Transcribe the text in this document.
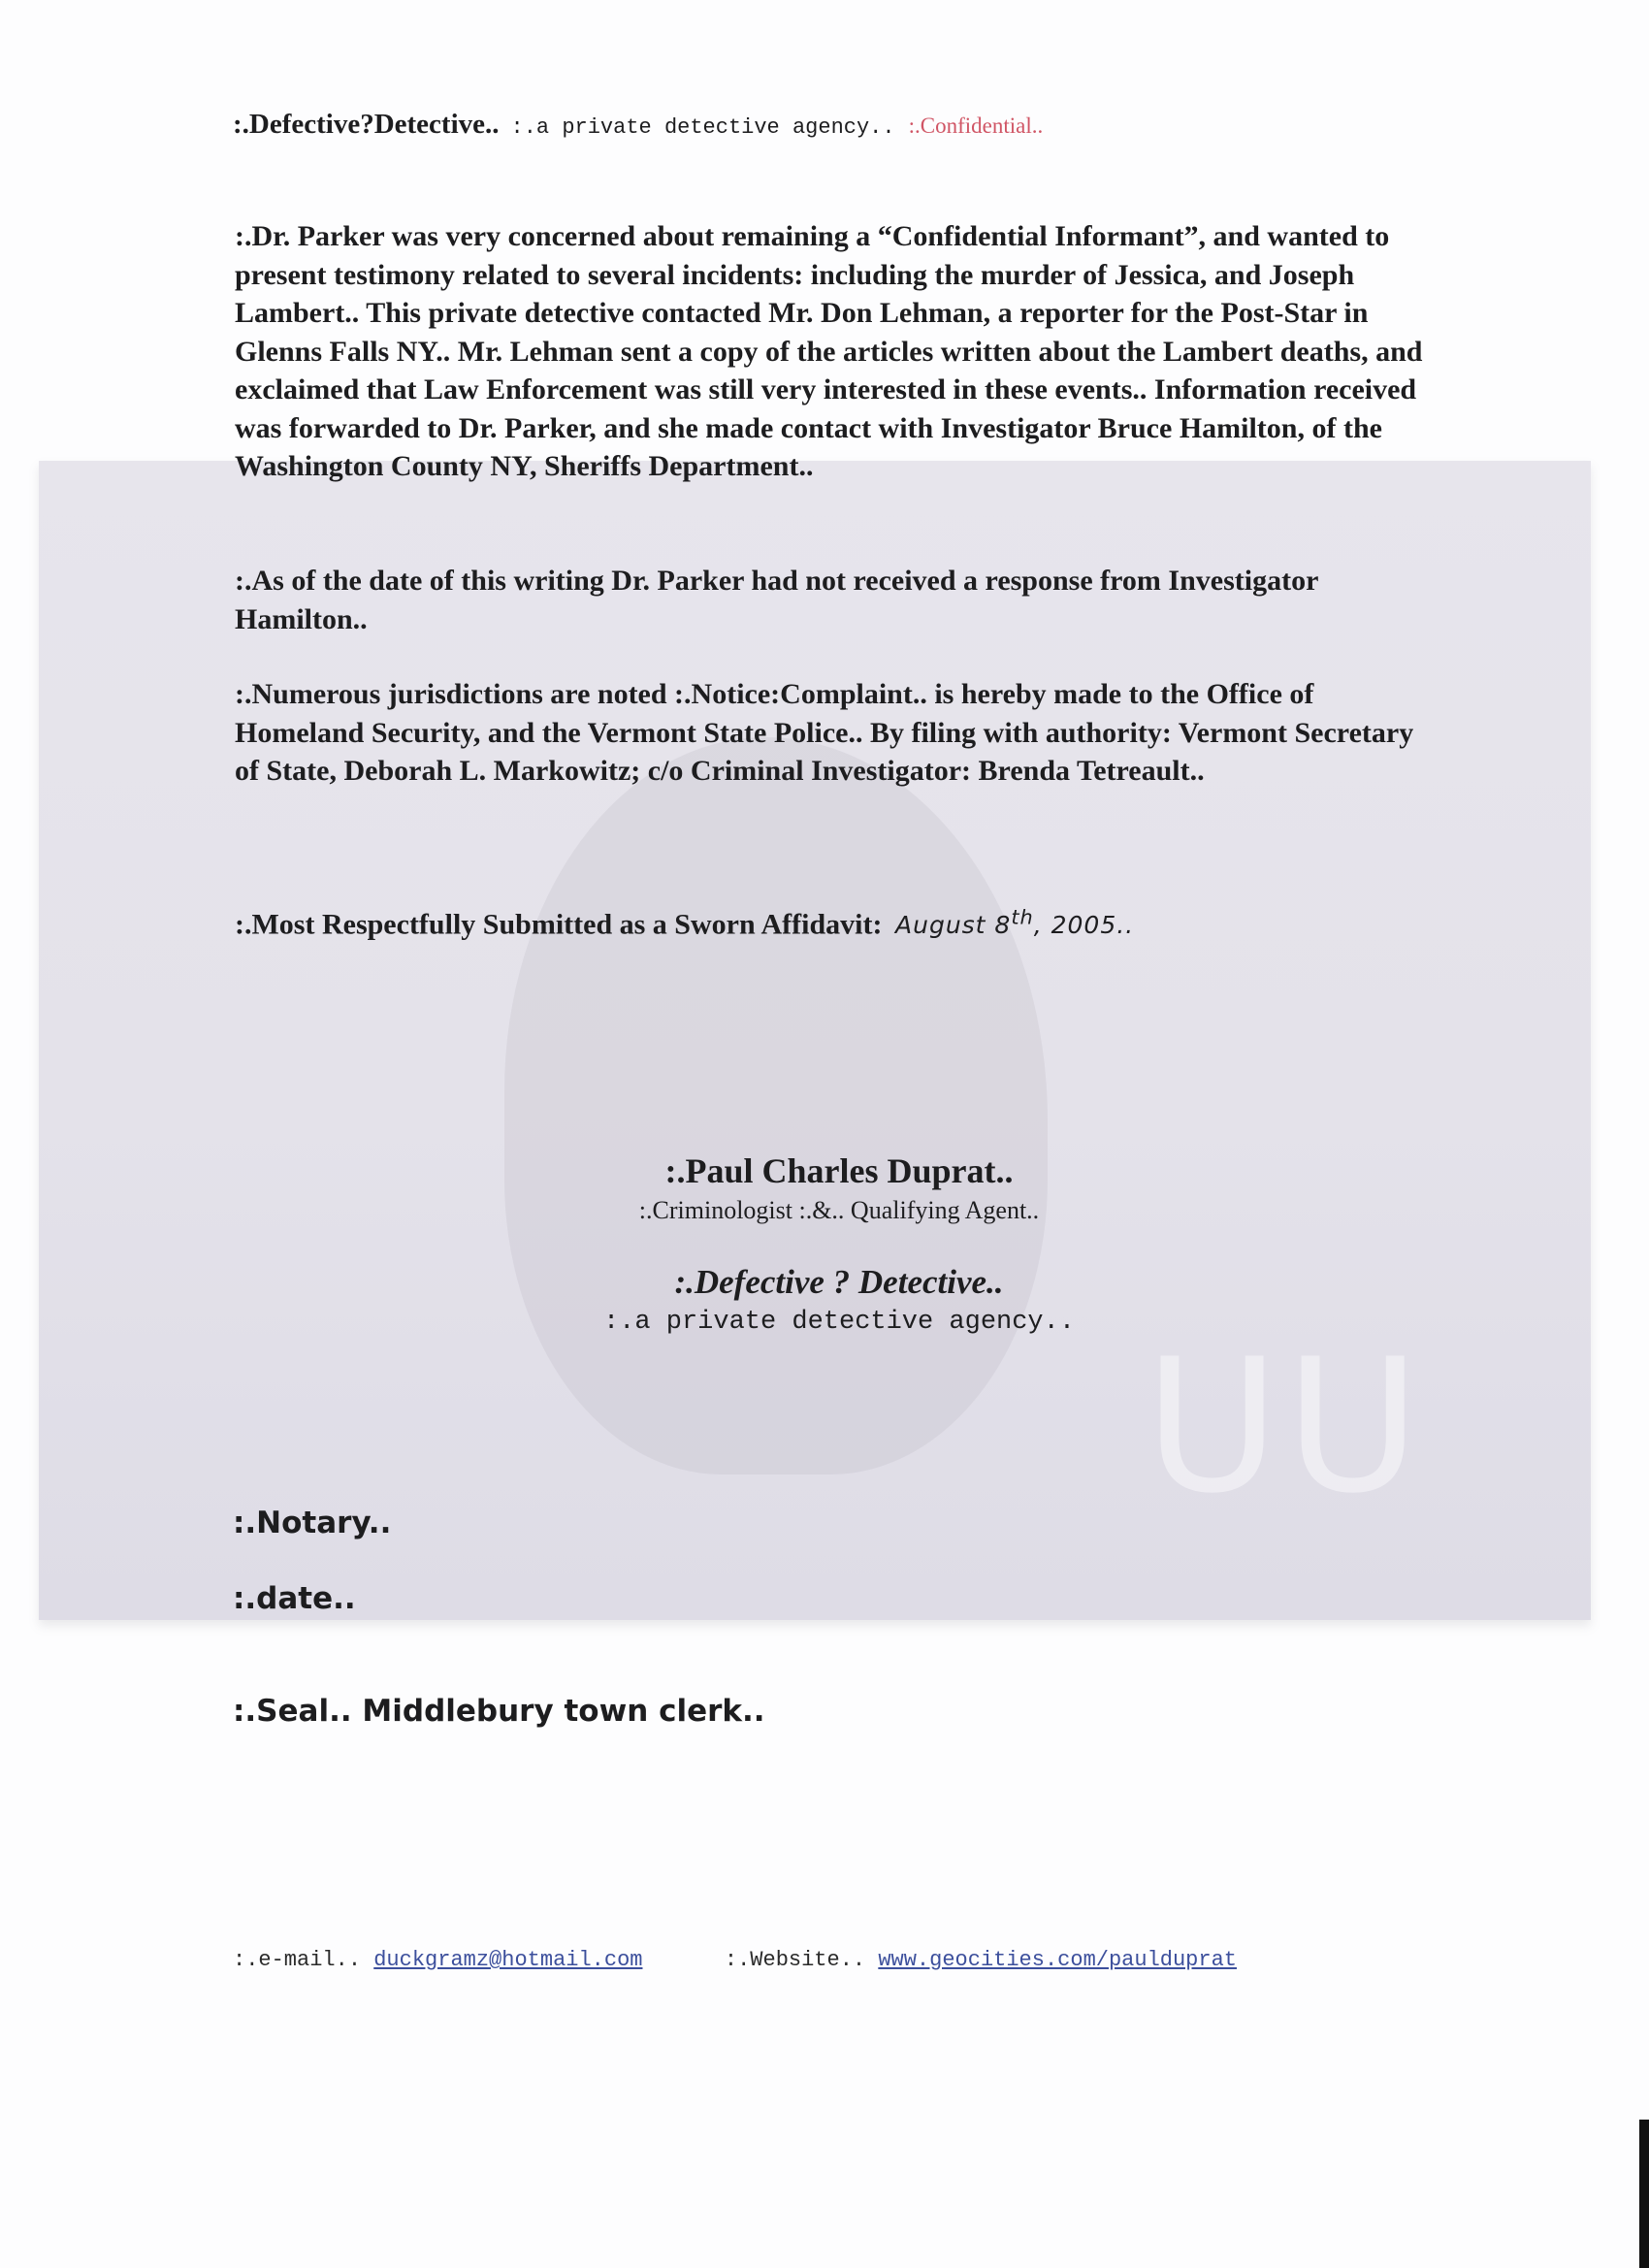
UU
:.Defective?Detective.. :.a private detective agency.. :.Confidential..

:.Dr. Parker was very concerned about remaining a “Confidential Informant”, and wanted to present testimony related to several incidents: including the murder of Jessica, and Joseph Lambert.. This private detective contacted Mr. Don Lehman, a reporter for the Post-Star in Glenns Falls NY.. Mr. Lehman sent a copy of the articles written about the Lambert deaths, and exclaimed that Law Enforcement was still very interested in these events.. Information received was forwarded to Dr. Parker, and she made contact with Investigator Bruce Hamilton, of the Washington County NY, Sheriffs Department..

:.As of the date of this writing Dr. Parker had not received a response from Investigator Hamilton..

:.Numerous jurisdictions are noted :.Notice:Complaint.. is hereby made to the Office of Homeland Security, and the Vermont State Police.. By filing with authority: Vermont Secretary of State, Deborah L. Markowitz; c/o Criminal Investigator: Brenda Tetreault..

:.Most Respectfully Submitted as a Sworn Affidavit: August 8th, 2005..
:.Paul Charles Duprat..
:.Criminologist :.&.. Qualifying Agent..
:.Defective ? Detective..
:.a private detective agency..
:.Notary..
:.date..
:.Seal.. Middlebury town clerk..
:.e-mail.. duckgramz@hotmail.com	:.Website.. www.geocities.com/paulduprat
